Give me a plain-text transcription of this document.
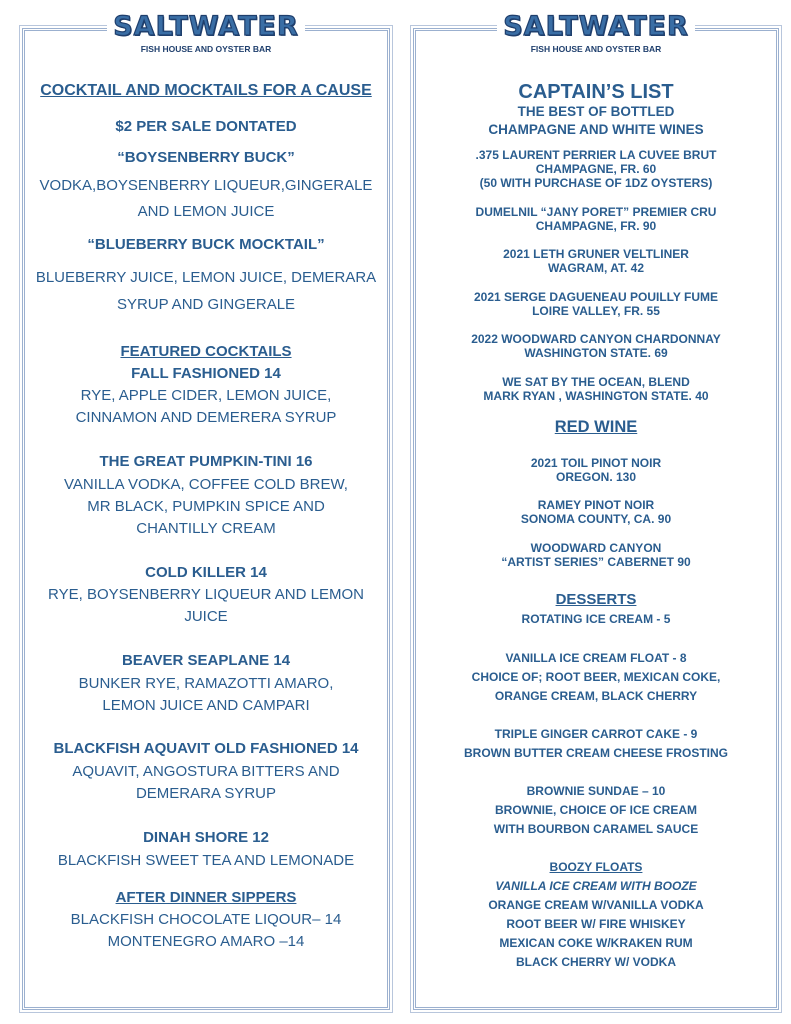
SALTWATER
FISH HOUSE AND OYSTER BAR
COCKTAIL AND MOCKTAILS FOR A CAUSE
$2 PER SALE DONTATED
“BOYSENBERRY BUCK”
VODKA,BOYSENBERRY LIQUEUR,GINGERALE
AND LEMON JUICE
“BLUEBERRY BUCK MOCKTAIL”
BLUEBERRY JUICE, LEMON JUICE, DEMERARA
SYRUP AND GINGERALE
FEATURED COCKTAILS
FALL FASHIONED 14
RYE, APPLE CIDER, LEMON JUICE,
CINNAMON AND DEMERERA SYRUP
THE GREAT PUMPKIN-TINI 16
VANILLA VODKA, COFFEE COLD BREW,
MR BLACK, PUMPKIN SPICE AND
CHANTILLY CREAM
COLD KILLER 14
RYE, BOYSENBERRY LIQUEUR AND LEMON
JUICE
BEAVER SEAPLANE 14
BUNKER RYE, RAMAZOTTI AMARO,
LEMON JUICE AND CAMPARI
BLACKFISH AQUAVIT OLD FASHIONED 14
AQUAVIT, ANGOSTURA BITTERS AND
DEMERARA SYRUP
DINAH SHORE 12
BLACKFISH SWEET TEA AND LEMONADE
AFTER DINNER SIPPERS
BLACKFISH CHOCOLATE LIQOUR– 14
MONTENEGRO AMARO –14
SALTWATER
FISH HOUSE AND OYSTER BAR
CAPTAIN’S LIST
THE BEST OF BOTTLED
CHAMPAGNE AND WHITE WINES
.375 LAURENT PERRIER LA CUVEE BRUT
CHAMPAGNE, FR. 60
(50 WITH PURCHASE OF 1DZ OYSTERS)
DUMELNIL “JANY PORET” PREMIER CRU
CHAMPAGNE, FR. 90
2021 LETH GRUNER VELTLINER
WAGRAM, AT. 42
2021 SERGE DAGUENEAU POUILLY FUME
LOIRE VALLEY, FR. 55
2022 WOODWARD CANYON CHARDONNAY
WASHINGTON STATE. 69
WE SAT BY THE OCEAN, BLEND
MARK RYAN , WASHINGTON STATE. 40
RED WINE
2021 TOIL PINOT NOIR
OREGON. 130
RAMEY PINOT NOIR
SONOMA COUNTY, CA. 90
WOODWARD CANYON
“ARTIST SERIES” CABERNET 90
DESSERTS
ROTATING ICE CREAM - 5
VANILLA ICE CREAM FLOAT - 8
CHOICE OF; ROOT BEER, MEXICAN COKE,
ORANGE CREAM, BLACK CHERRY
TRIPLE GINGER CARROT CAKE - 9
BROWN BUTTER CREAM CHEESE FROSTING
BROWNIE SUNDAE – 10
BROWNIE, CHOICE OF ICE CREAM
WITH BOURBON CARAMEL SAUCE
BOOZY FLOATS
VANILLA ICE CREAM WITH BOOZE
ORANGE CREAM W/VANILLA VODKA
ROOT BEER W/ FIRE WHISKEY
MEXICAN COKE W/KRAKEN RUM
BLACK CHERRY W/ VODKA
